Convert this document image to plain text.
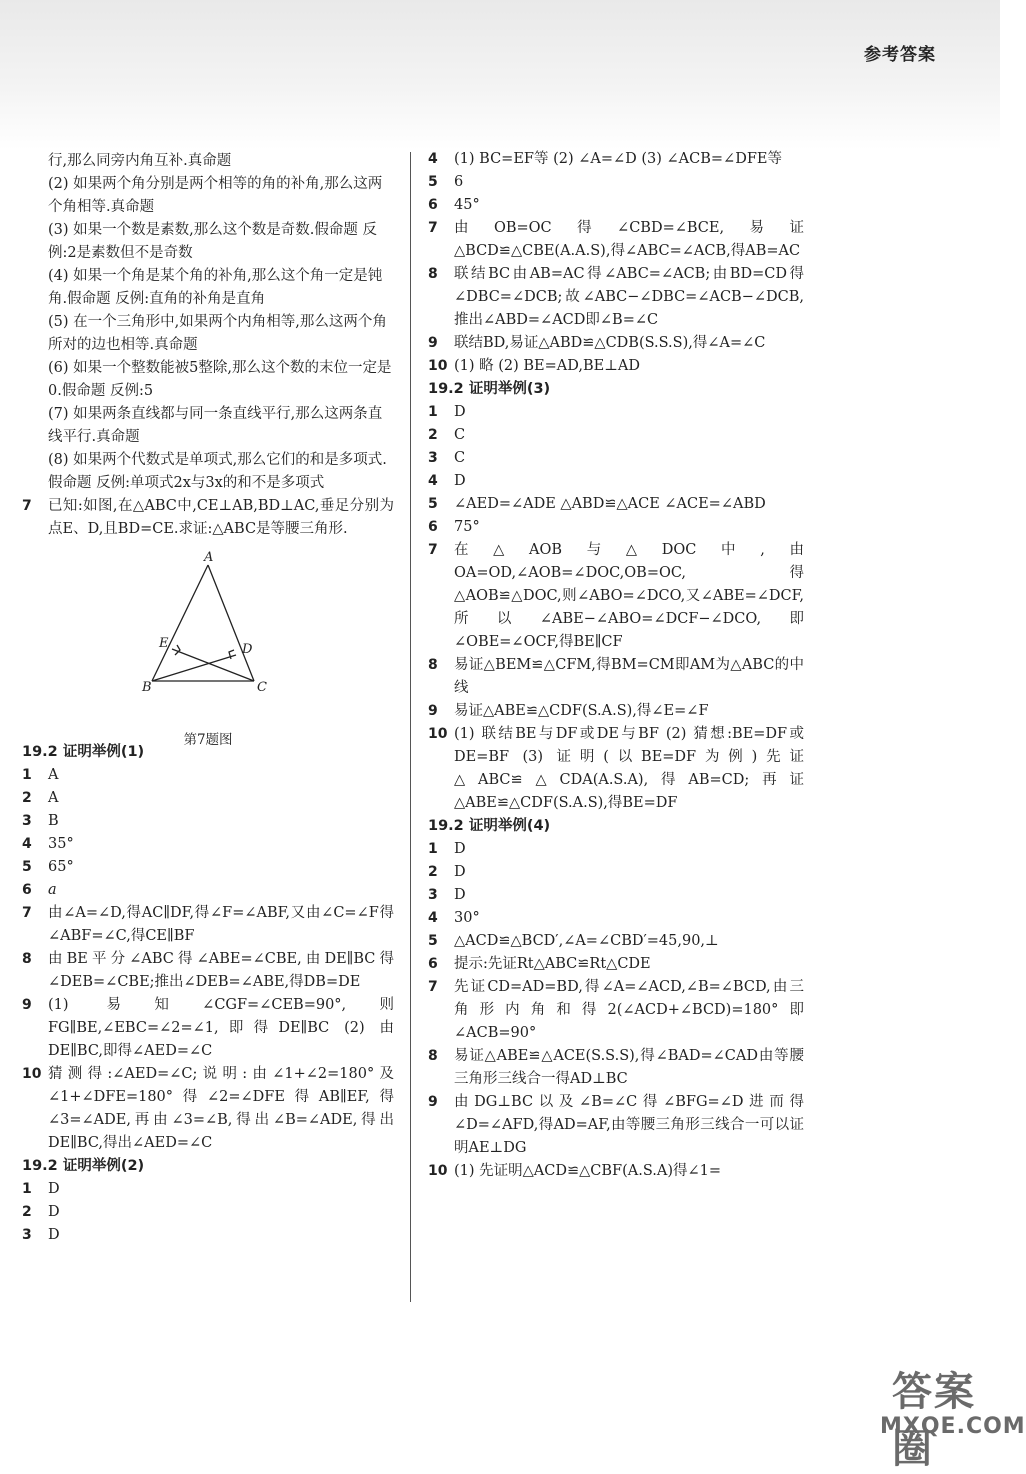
参考答案
行,那么同旁内角互补.真命题
(2) 如果两个角分别是两个相等的角的补角,那么这两个角相等.真命题
(3) 如果一个数是素数,那么这个数是奇数.假命题 反例:2是素数但不是奇数
(4) 如果一个角是某个角的补角,那么这个角一定是钝角.假命题 反例:直角的补角是直角
(5) 在一个三角形中,如果两个内角相等,那么这两个角所对的边也相等.真命题
(6) 如果一个整数能被5整除,那么这个数的末位一定是0.假命题 反例:5
(7) 如果两条直线都与同一条直线平行,那么这两条直线平行.真命题
(8) 如果两个代数式是单项式,那么它们的和是多项式.假命题 反例:单项式2x与3x的和不是多项式
7	已知:如图,在△ABC中,CE⊥AB,BD⊥AC,垂足分别为点E、D,且BD=CE.求证:△ABC是等腰三角形.
A
B	C
D
E
第7题图
19.2 证明举例(1)
1	A
2	A
3	B
4	35°
5	65°
6	a
7	由∠A=∠D,得AC∥DF,得∠F=∠ABF,又由∠C=∠F得∠ABF=∠C,得CE∥BF
8	由BE平分∠ABC得∠ABE=∠CBE,由DE∥BC得∠DEB=∠CBE;推出∠DEB=∠ABE,得DB=DE
9	(1) 易知∠CGF=∠CEB=90°,则FG∥BE,∠EBC=∠2=∠1,即得DE∥BC (2) 由DE∥BC,即得∠AED=∠C
10 猜测得:∠AED=∠C;说明:由∠1+∠2=180°及∠1+∠DFE=180°得∠2=∠DFE得AB∥EF,得∠3=∠ADE,再由∠3=∠B,得出∠B=∠ADE,得出DE∥BC,得出∠AED=∠C
19.2 证明举例(2)
1	D
2	D
3	D
4	(1) BC=EF等 (2) ∠A=∠D (3) ∠ACB=∠DFE等
5	6
6	45°
7	由OB=OC得∠CBD=∠BCE,易证△BCD≌△CBE(A.A.S),得∠ABC=∠ACB,得AB=AC
8	联结BC由AB=AC得∠ABC=∠ACB;由BD=CD得∠DBC=∠DCB;故∠ABC−∠DBC=∠ACB−∠DCB,推出∠ABD=∠ACD即∠B=∠C
9	联结BD,易证△ABD≌△CDB(S.S.S),得∠A=∠C
10 (1) 略 (2) BE=AD,BE⊥AD
19.2 证明举例(3)
1	D
2	C
3	C
4	D
5	∠AED=∠ADE △ABD≌△ACE ∠ACE=∠ABD
6	75°
7	在△AOB与△DOC中,由OA=OD,∠AOB=∠DOC,OB=OC,得△AOB≌△DOC,则∠ABO=∠DCO,又∠ABE=∠DCF,所以∠ABE−∠ABO=∠DCF−∠DCO,即∠OBE=∠OCF,得BE∥CF
8	易证△BEM≌△CFM,得BM=CM即AM为△ABC的中线
9	易证△ABE≌△CDF(S.A.S),得∠E=∠F
10 (1) 联结BE与DF或DE与BF (2) 猜想:BE=DF或DE=BF (3) 证明(以BE=DF为例)先证△ABC≌△CDA(A.S.A),得AB=CD;再证△ABE≌△CDF(S.A.S),得BE=DF
19.2 证明举例(4)
1	D
2	D
3	D
4	30°
5	△ACD≌△BCD′,∠A=∠CBD′=45,90,⊥
6	提示:先证Rt△ABC≌Rt△CDE
7	先证CD=AD=BD,得∠A=∠ACD,∠B=∠BCD,由三角形内角和得2(∠ACD+∠BCD)=180°即∠ACB=90°
8	易证△ABE≌△ACE(S.S.S),得∠BAD=∠CAD由等腰三角形三线合一得AD⊥BC
9	由DG⊥BC以及∠B=∠C得∠BFG=∠D进而得∠D=∠AFD,得AD=AF,由等腰三角形三线合一可以证明AE⊥DG
10 (1) 先证明△ACD≌△CBF(A.S.A)得∠1=
答案圈
MXQE.COM
